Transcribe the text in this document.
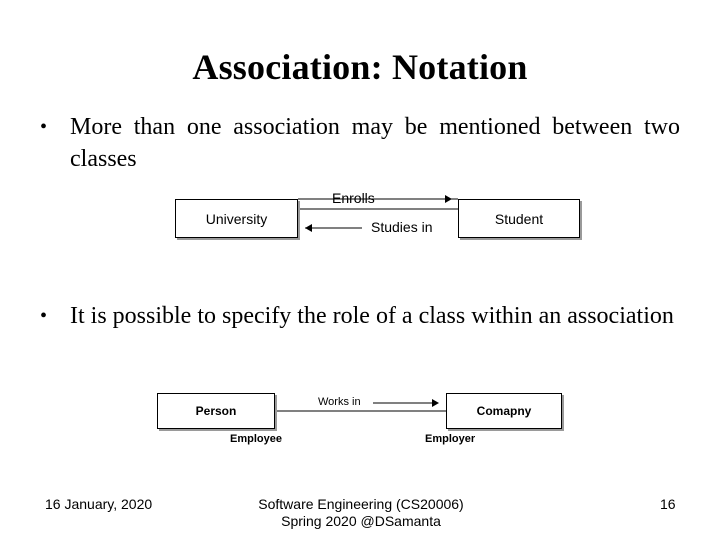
Association: Notation
• More than one association may be mentioned between two classes
Enrolls
Studies in
University	Student
• It is possible to specify the role of a class within an association
Works in
Person	Comapny
Employee	Employer
16 January, 2020	Software Engineering (CS20006)
Spring 2020 @DSamanta
16
